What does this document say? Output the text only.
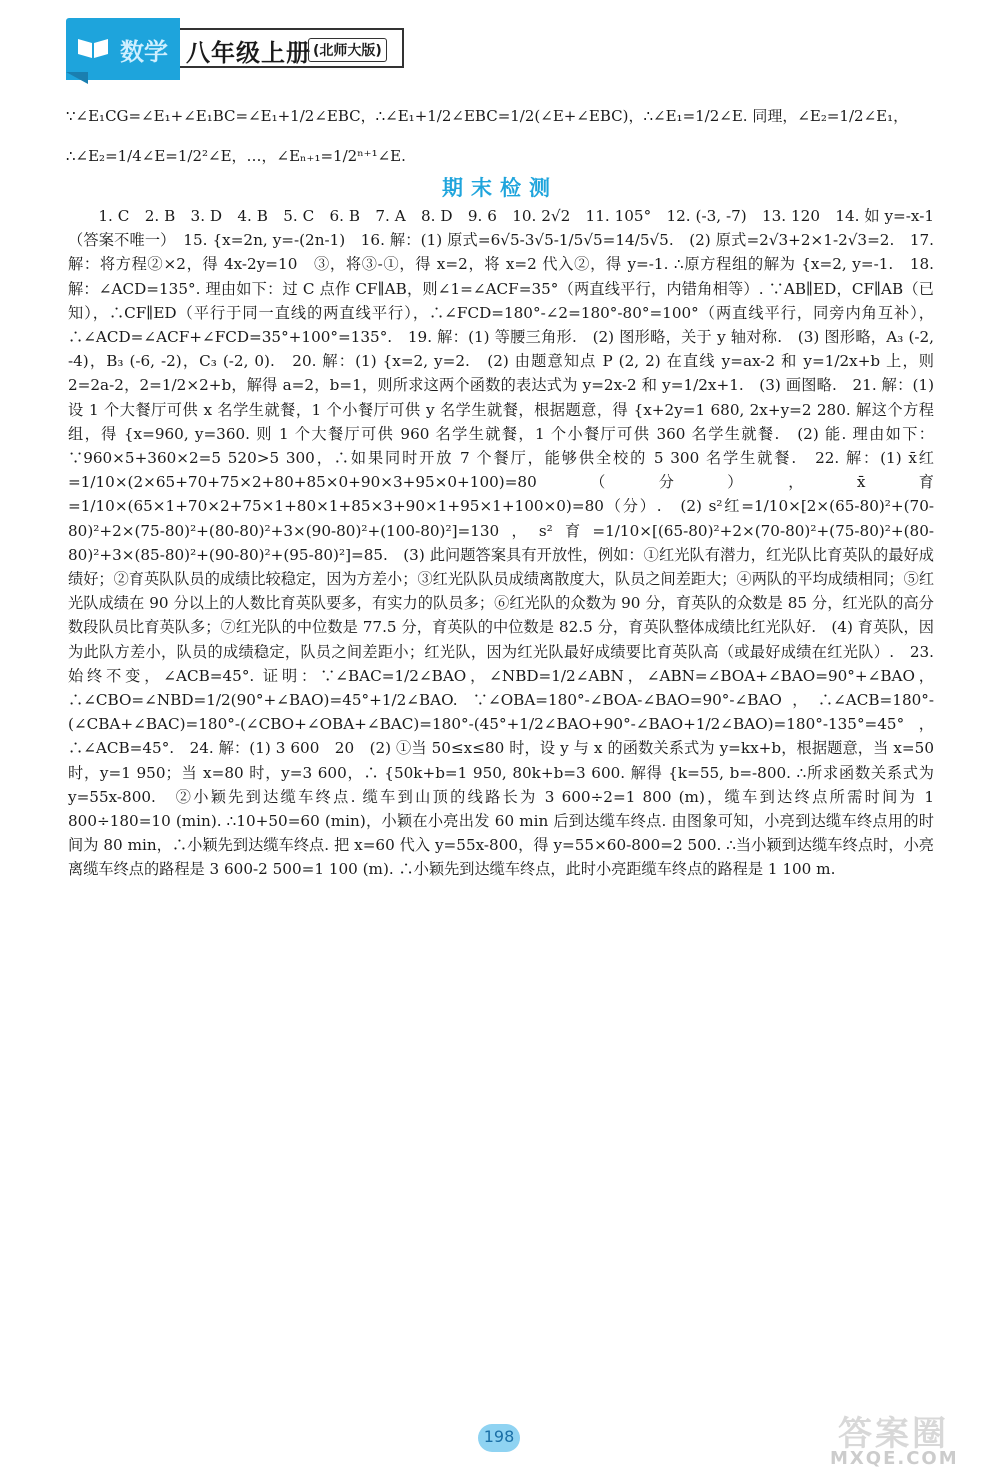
数学 八年级上册 (北师大版)

∵∠E₁CG=∠E₁+∠E₁BC=∠E₁+1/2∠EBC，∴∠E₁+1/2∠EBC=1/2(∠E+∠EBC)，∴∠E₁=1/2∠E. 同理，∠E₂=1/2∠E₁，

∴∠E₂=1/4∠E=1/2²∠E，…，∠Eₙ₊₁=1/2ⁿ⁺¹∠E.

期末检测

1. C　2. B　3. D　4. B　5. C　6. B　7. A　8. D　9. 6　10. 2√2　11. 105°　12. (-3, -7)　13. 120　14. 如 y=-x-1（答案不唯一）　15. {x=2n, y=-(2n-1)　16. 解：(1) 原式=6√5-3√5-1/5√5=14/5√5.　(2) 原式=2√3+2×1-2√3=2.　17. 解：将方程②×2，得 4x-2y=10　③，将③-①，得 x=2，将 x=2 代入②，得 y=-1. ∴原方程组的解为 {x=2, y=-1.　18. 解：∠ACD=135°. 理由如下：过 C 点作 CF∥AB，则∠1=∠ACF=35°（两直线平行，内错角相等）. ∵AB∥ED，CF∥AB（已知），∴CF∥ED（平行于同一直线的两直线平行），∴∠FCD=180°-∠2=180°-80°=100°（两直线平行，同旁内角互补），∴∠ACD=∠ACF+∠FCD=35°+100°=135°.　19. 解：(1) 等腰三角形.　(2) 图形略，关于 y 轴对称.　(3) 图形略，A₃ (-2, -4)，B₃ (-6, -2)，C₃ (-2, 0).　20. 解：(1) {x=2, y=2.　(2) 由题意知点 P (2, 2) 在直线 y=ax-2 和 y=1/2x+b 上，则 2=2a-2，2=1/2×2+b，解得 a=2，b=1，则所求这两个函数的表达式为 y=2x-2 和 y=1/2x+1.　(3) 画图略.　21. 解：(1) 设 1 个大餐厅可供 x 名学生就餐，1 个小餐厅可供 y 名学生就餐，根据题意，得 {x+2y=1 680, 2x+y=2 280. 解这个方程组，得 {x=960, y=360. 则 1 个大餐厅可供 960 名学生就餐，1 个小餐厅可供 360 名学生就餐.　(2) 能. 理由如下：∵960×5+360×2=5 520>5 300，∴如果同时开放 7 个餐厅，能够供全校的 5 300 名学生就餐.　22. 解：(1) x̄红=1/10×(2×65+70+75×2+80+85×0+90×3+95×0+100)=80（分），x̄育=1/10×(65×1+70×2+75×1+80×1+85×3+90×1+95×1+100×0)=80（分）.　(2) s²红=1/10×[2×(65-80)²+(70-80)²+2×(75-80)²+(80-80)²+3×(90-80)²+(100-80)²]=130，s²育=1/10×[(65-80)²+2×(70-80)²+(75-80)²+(80-80)²+3×(85-80)²+(90-80)²+(95-80)²]=85.　(3) 此问题答案具有开放性，例如：①红光队有潜力，红光队比育英队的最好成绩好；②育英队队员的成绩比较稳定，因为方差小；③红光队队员成绩离散度大，队员之间差距大；④两队的平均成绩相同；⑤红光队成绩在 90 分以上的人数比育英队要多，有实力的队员多；⑥红光队的众数为 90 分，育英队的众数是 85 分，红光队的高分数段队员比育英队多；⑦红光队的中位数是 77.5 分，育英队的中位数是 82.5 分，育英队整体成绩比红光队好.　(4) 育英队，因为此队方差小，队员的成绩稳定，队员之间差距小；红光队，因为红光队最好成绩要比育英队高（或最好成绩在红光队）.　23. 始终不变，∠ACB=45°. 证明：∵∠BAC=1/2∠BAO，∠NBD=1/2∠ABN，∠ABN=∠BOA+∠BAO=90°+∠BAO，∴∠CBO=∠NBD=1/2(90°+∠BAO)=45°+1/2∠BAO. ∵∠OBA=180°-∠BOA-∠BAO=90°-∠BAO，∴∠ACB=180°-(∠CBA+∠BAC)=180°-(∠CBO+∠OBA+∠BAC)=180°-(45°+1/2∠BAO+90°-∠BAO+1/2∠BAO)=180°-135°=45°，∴∠ACB=45°.　24. 解：(1) 3 600　20　(2) ①当 50≤x≤80 时，设 y 与 x 的函数关系式为 y=kx+b，根据题意，当 x=50 时，y=1 950；当 x=80 时，y=3 600，∴ {50k+b=1 950, 80k+b=3 600. 解得 {k=55, b=-800. ∴所求函数关系式为 y=55x-800.　②小颖先到达缆车终点. 缆车到山顶的线路长为 3 600÷2=1 800 (m)，缆车到达终点所需时间为 1 800÷180=10 (min). ∴10+50=60 (min)，小颖在小亮出发 60 min 后到达缆车终点. 由图象可知，小亮到达缆车终点用的时间为 80 min，∴小颖先到达缆车终点. 把 x=60 代入 y=55x-800，得 y=55×60-800=2 500. ∴当小颖到达缆车终点时，小亮离缆车终点的路程是 3 600-2 500=1 100 (m). ∴小颖先到达缆车终点，此时小亮距缆车终点的路程是 1 100 m.

198	答案圈
MXQE.COM
